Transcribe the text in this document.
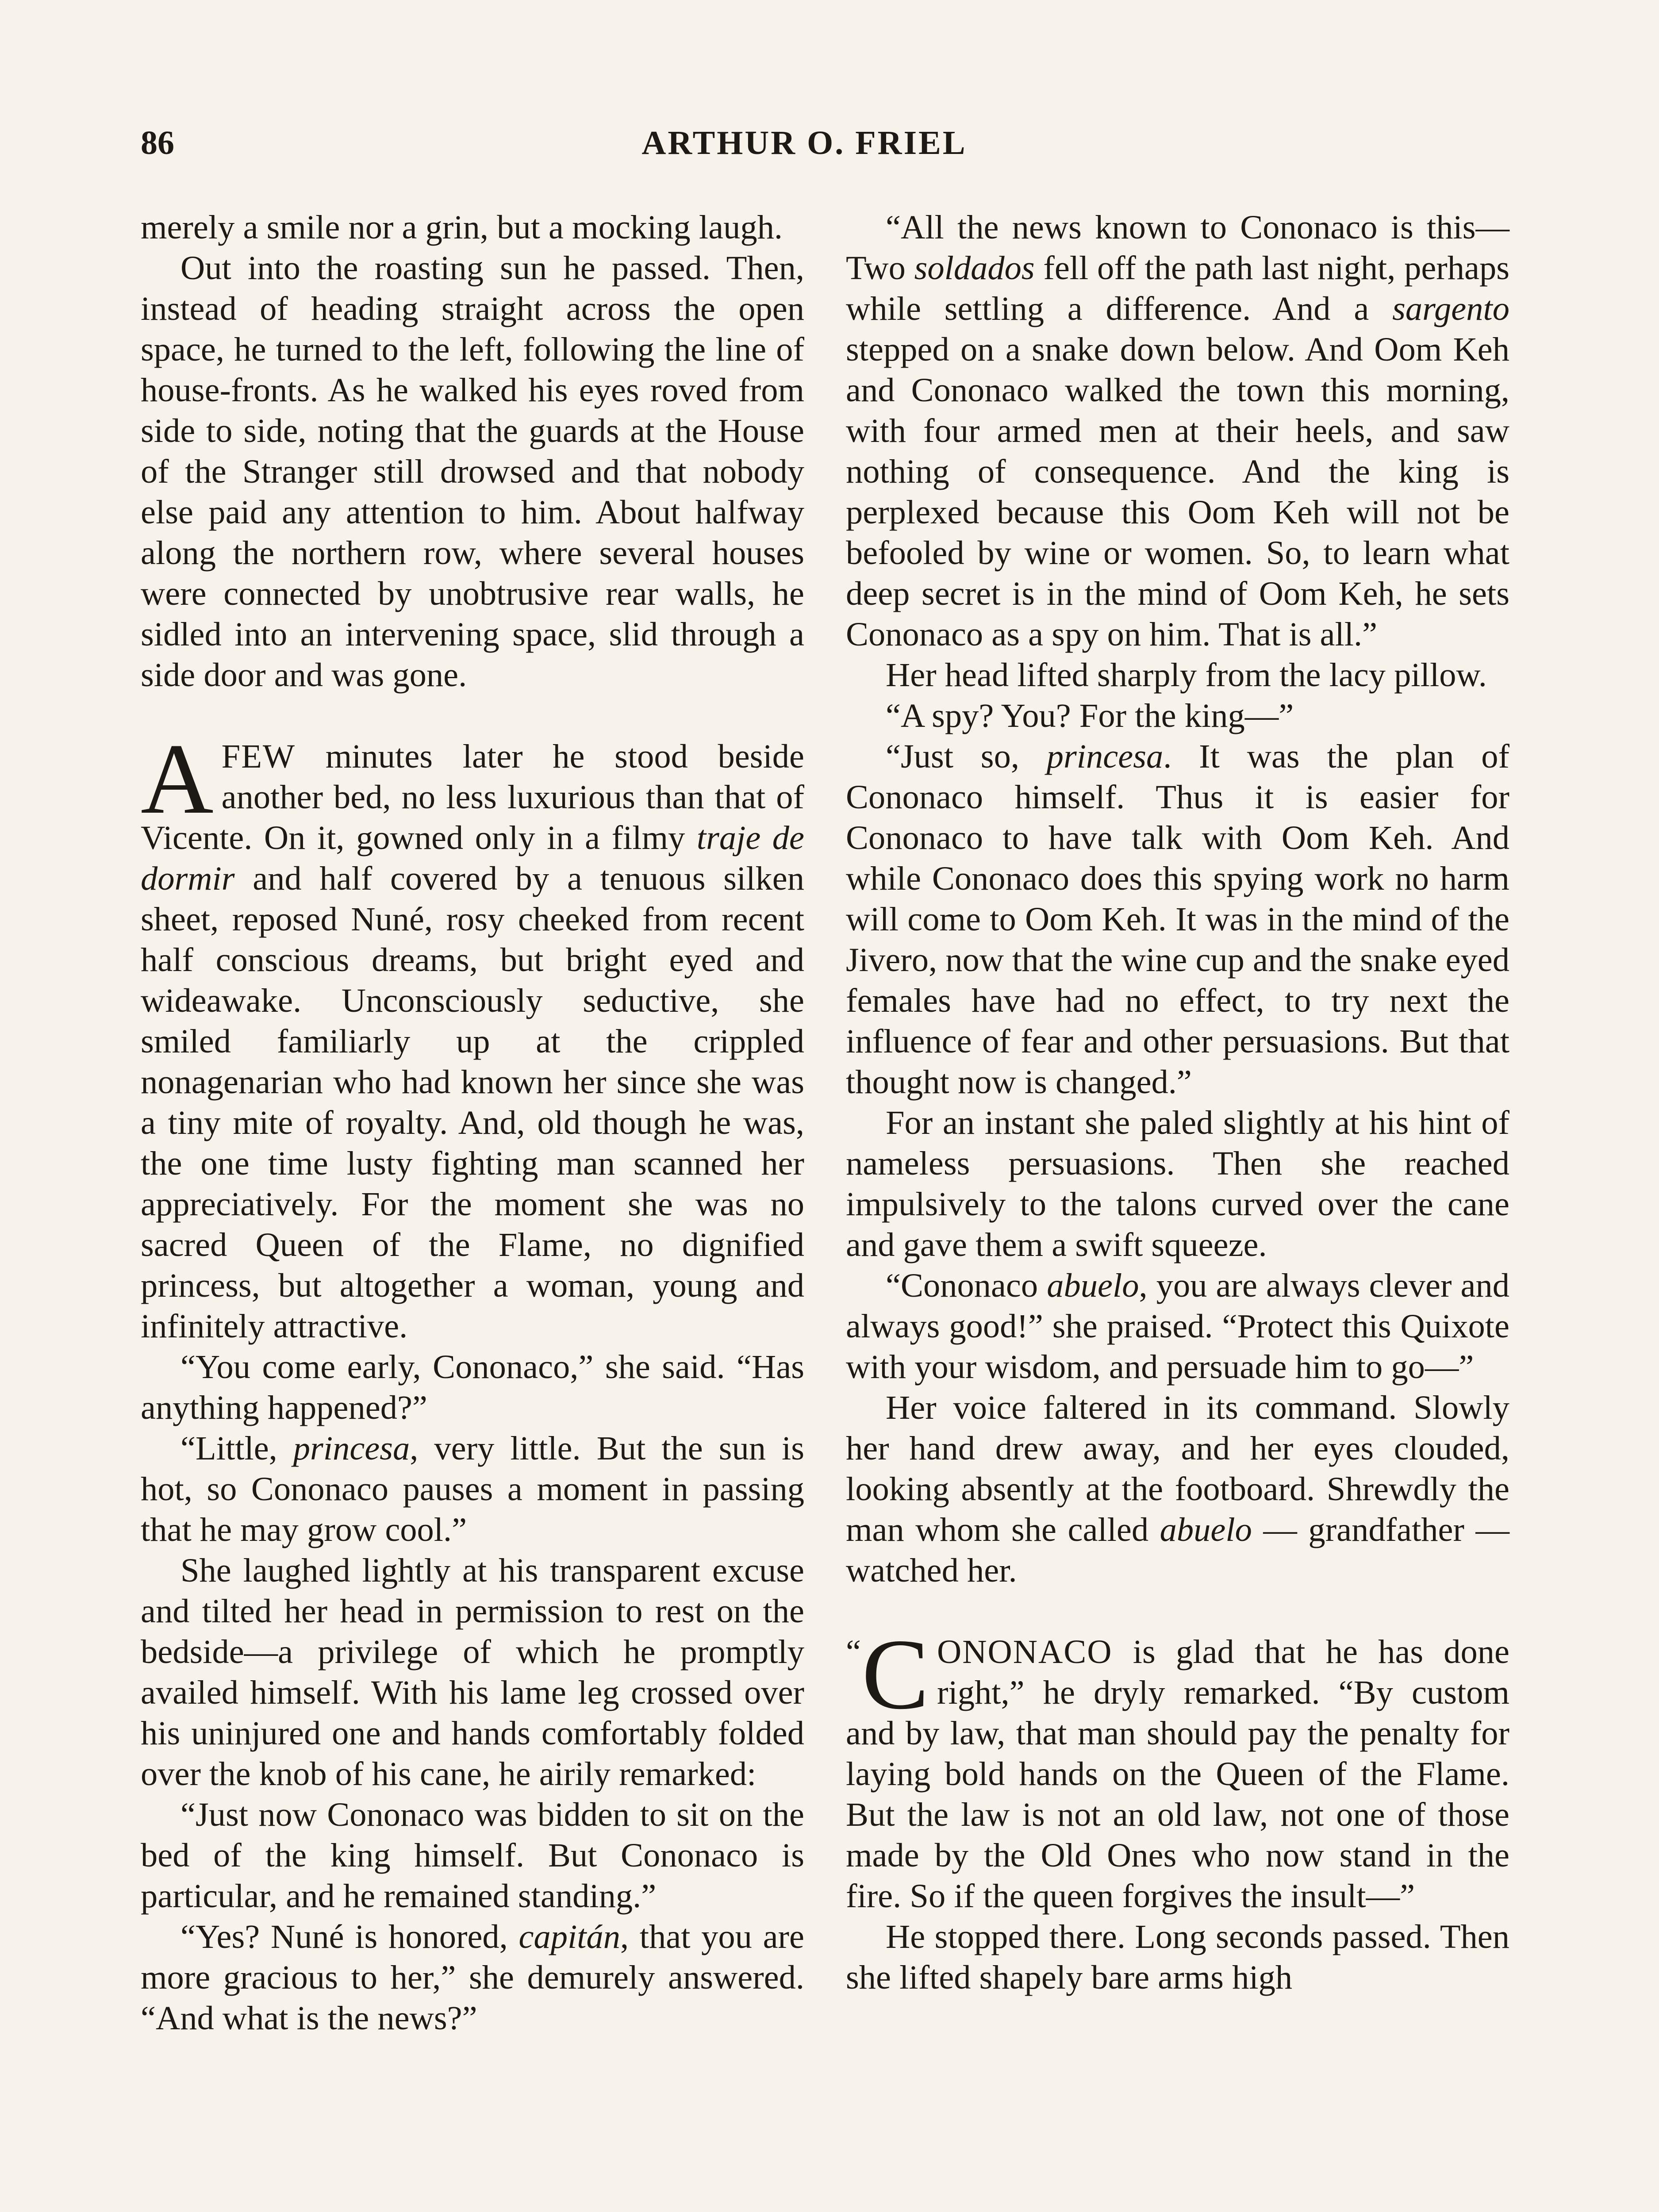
86	ARTHUR O. FRIEL

merely a smile nor a grin, but a mocking laugh.

Out into the roasting sun he passed. Then, instead of heading straight across the open space, he turned to the left, following the line of house-fronts. As he walked his eyes roved from side to side, noting that the guards at the House of the Stranger still drowsed and that nobody else paid any attention to him. About halfway along the northern row, where several houses were connected by unobtrusive rear walls, he sidled into an intervening space, slid through a side door and was gone.

AFEW minutes later he stood beside another bed, no less luxurious than that of Vicente. On it, gowned only in a filmy traje de dormir and half covered by a tenuous silken sheet, reposed Nuné, rosy cheeked from recent half conscious dreams, but bright eyed and wideawake. Unconsciously seductive, she smiled familiarly up at the crippled nonagenarian who had known her since she was a tiny mite of royalty. And, old though he was, the one time lusty fighting man scanned her appreciatively. For the moment she was no sacred Queen of the Flame, no dignified princess, but altogether a woman, young and infinitely attractive.

“You come early, Cononaco,” she said. “Has anything happened?”

“Little, princesa, very little. But the sun is hot, so Cononaco pauses a moment in passing that he may grow cool.”

She laughed lightly at his transparent excuse and tilted her head in permission to rest on the bedside—a privilege of which he promptly availed himself. With his lame leg crossed over his uninjured one and hands comfortably folded over the knob of his cane, he airily remarked:

“Just now Cononaco was bidden to sit on the bed of the king himself. But Cononaco is particular, and he remained standing.”

“Yes? Nuné is honored, capitán, that you are more gracious to her,” she demurely answered. “And what is the news?”

“All the news known to Cononaco is this— Two soldados fell off the path last night, perhaps while settling a difference. And a sargento stepped on a snake down below. And Oom Keh and Cononaco walked the town this morning, with four armed men at their heels, and saw nothing of consequence. And the king is perplexed because this Oom Keh will not be befooled by wine or women. So, to learn what deep secret is in the mind of Oom Keh, he sets Cononaco as a spy on him. That is all.”

Her head lifted sharply from the lacy pillow.

“A spy? You? For the king—”

“Just so, princesa. It was the plan of Cononaco himself. Thus it is easier for Cononaco to have talk with Oom Keh. And while Cononaco does this spying work no harm will come to Oom Keh. It was in the mind of the Jivero, now that the wine cup and the snake eyed females have had no effect, to try next the influence of fear and other persuasions. But that thought now is changed.”

For an instant she paled slightly at his hint of nameless persuasions. Then she reached impulsively to the talons curved over the cane and gave them a swift squeeze.

“Cononaco abuelo, you are always clever and always good!” she praised. “Protect this Quixote with your wisdom, and persuade him to go—”

Her voice faltered in its command. Slowly her hand drew away, and her eyes clouded, looking absently at the footboard. Shrewdly the man whom she called abuelo — grandfather — watched her.

“ C ONONACO is glad that he has done right,” he dryly remarked. “By custom and by law, that man should pay the penalty for laying bold hands on the Queen of the Flame. But the law is not an old law, not one of those made by the Old Ones who now stand in the fire. So if the queen forgives the insult—”

He stopped there. Long seconds passed. Then she lifted shapely bare arms high
